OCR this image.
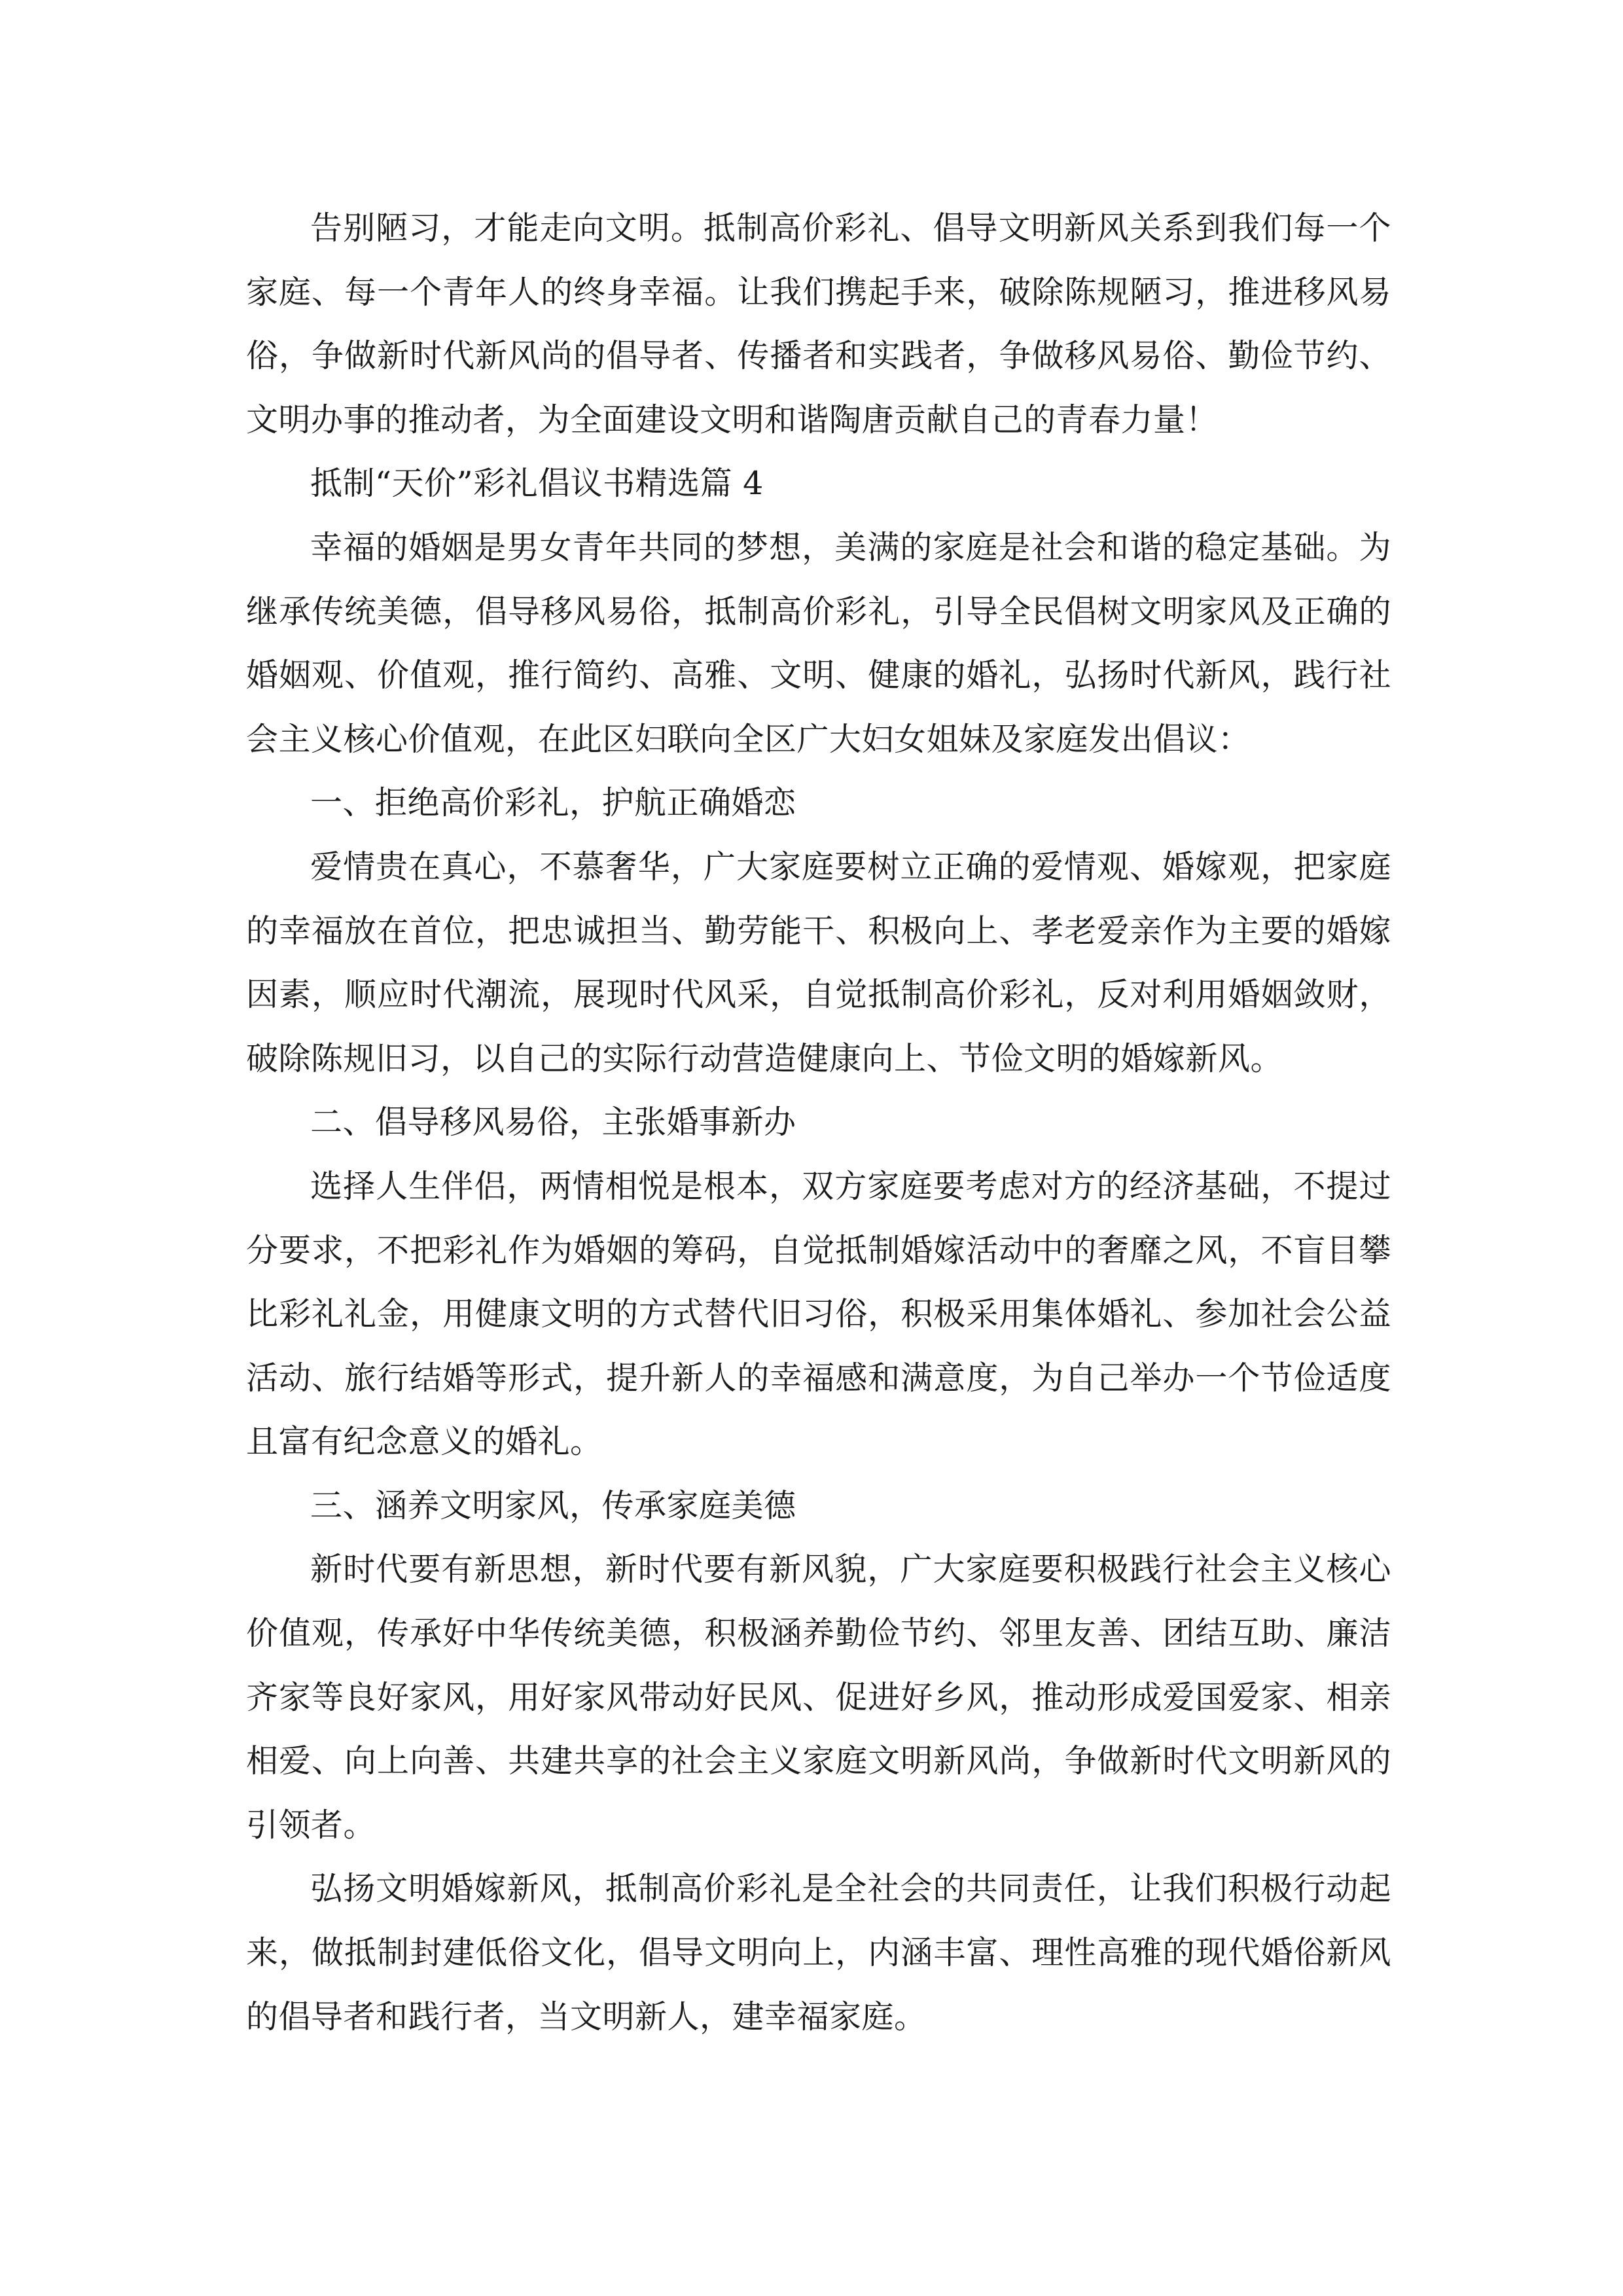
告别陋习，才能走向文明。抵制高价彩礼、倡导文明新风关系到我们每一个家庭、每一个青年人的终身幸福。让我们携起手来，破除陈规陋习，推进移风易俗，争做新时代新风尚的倡导者、传播者和实践者，争做移风易俗、勤俭节约、文明办事的推动者，为全面建设文明和谐陶唐贡献自己的青春力量！

抵制“天价”彩礼倡议书精选篇 4

幸福的婚姻是男女青年共同的梦想，美满的家庭是社会和谐的稳定基础。为继承传统美德，倡导移风易俗，抵制高价彩礼，引导全民倡树文明家风及正确的婚姻观、价值观，推行简约、高雅、文明、健康的婚礼，弘扬时代新风，践行社会主义核心价值观，在此区妇联向全区广大妇女姐妹及家庭发出倡议：

一、拒绝高价彩礼，护航正确婚恋

爱情贵在真心，不慕奢华，广大家庭要树立正确的爱情观、婚嫁观，把家庭的幸福放在首位，把忠诚担当、勤劳能干、积极向上、孝老爱亲作为主要的婚嫁因素，顺应时代潮流，展现时代风采，自觉抵制高价彩礼，反对利用婚姻敛财，破除陈规旧习，以自己的实际行动营造健康向上、节俭文明的婚嫁新风。

二、倡导移风易俗，主张婚事新办

选择人生伴侣，两情相悦是根本，双方家庭要考虑对方的经济基础，不提过分要求，不把彩礼作为婚姻的筹码，自觉抵制婚嫁活动中的奢靡之风，不盲目攀比彩礼礼金，用健康文明的方式替代旧习俗，积极采用集体婚礼、参加社会公益活动、旅行结婚等形式，提升新人的幸福感和满意度，为自己举办一个节俭适度且富有纪念意义的婚礼。

三、涵养文明家风，传承家庭美德

新时代要有新思想，新时代要有新风貌，广大家庭要积极践行社会主义核心价值观，传承好中华传统美德，积极涵养勤俭节约、邻里友善、团结互助、廉洁齐家等良好家风，用好家风带动好民风、促进好乡风，推动形成爱国爱家、相亲相爱、向上向善、共建共享的社会主义家庭文明新风尚，争做新时代文明新风的引领者。

弘扬文明婚嫁新风，抵制高价彩礼是全社会的共同责任，让我们积极行动起来，做抵制封建低俗文化，倡导文明向上，内涵丰富、理性高雅的现代婚俗新风的倡导者和践行者，当文明新人，建幸福家庭。
